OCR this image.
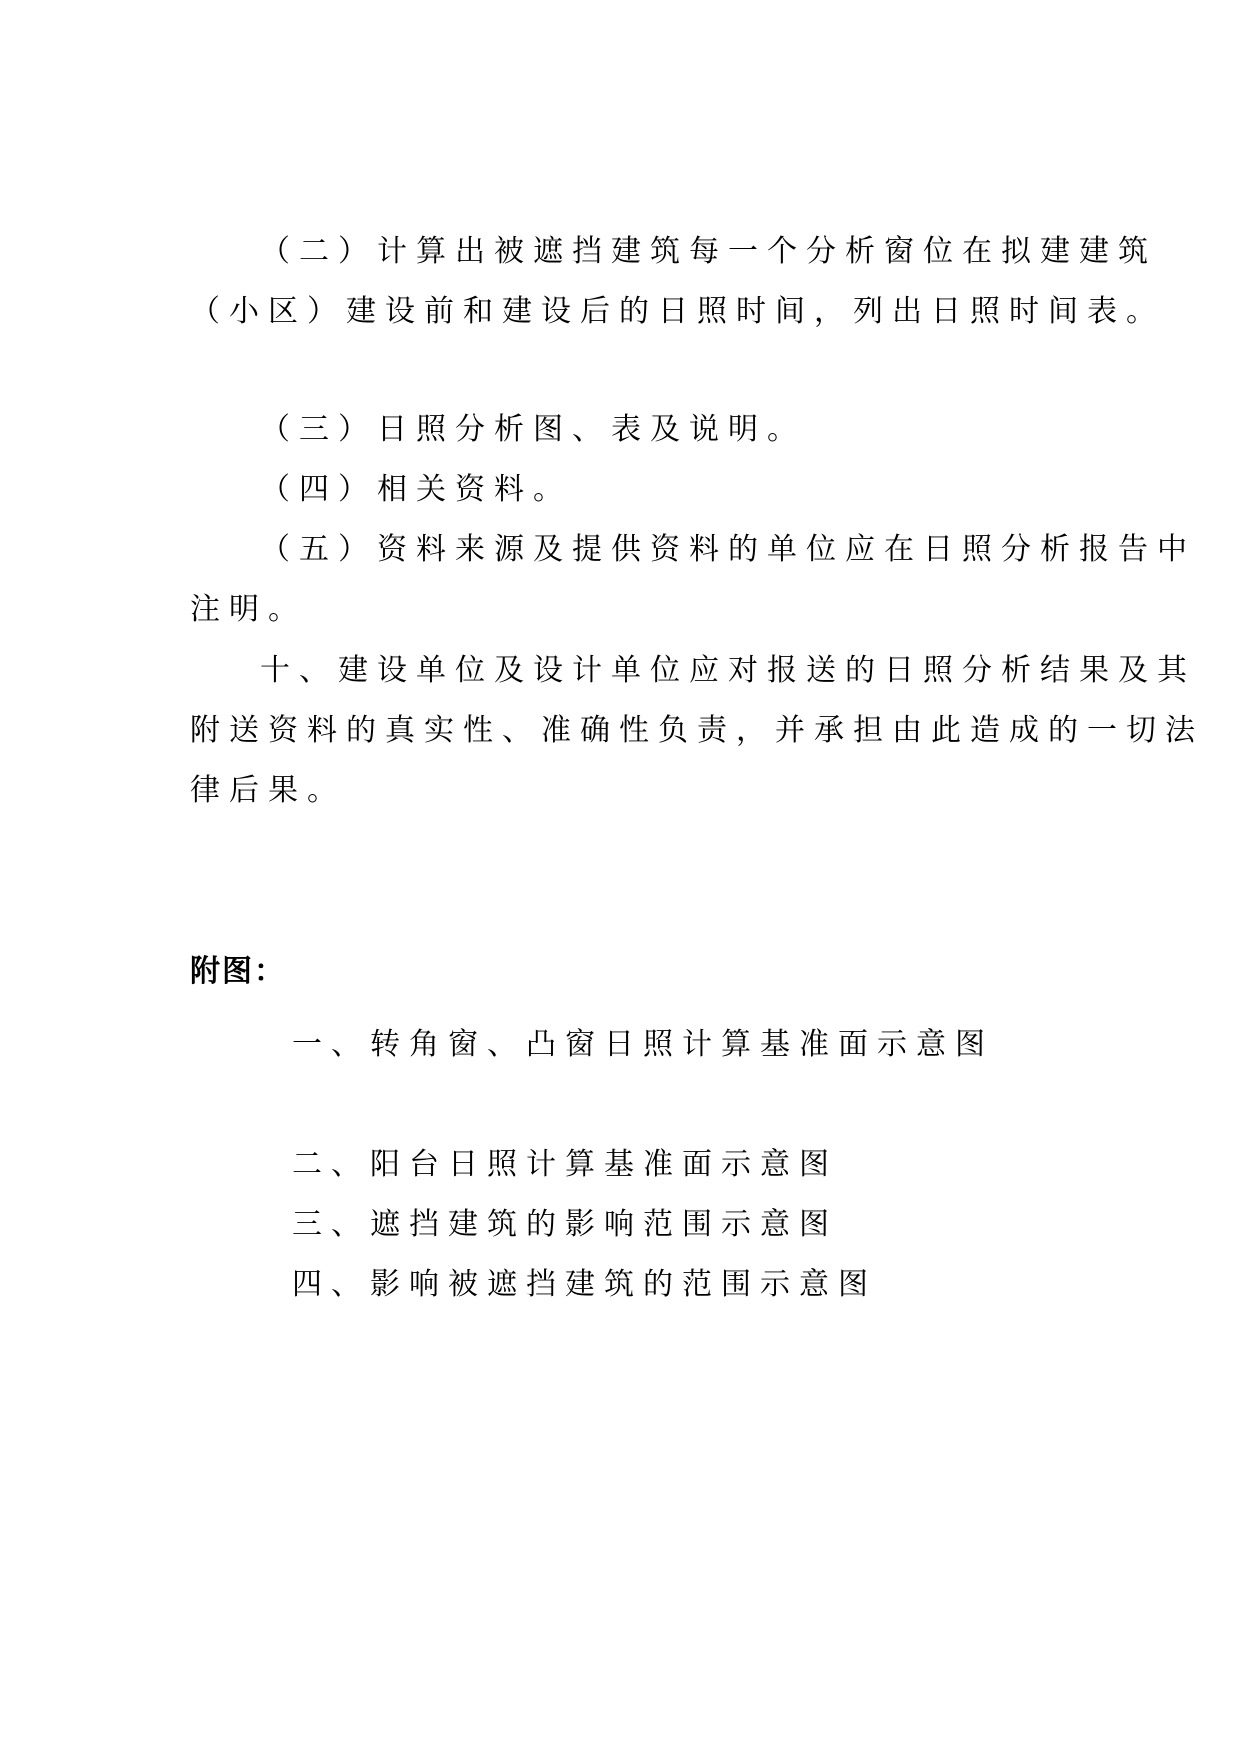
（二）计算出被遮挡建筑每一个分析窗位在拟建建筑
（小区）建设前和建设后的日照时间，列出日照时间表。
（三）日照分析图、表及说明。
（四）相关资料。
（五）资料来源及提供资料的单位应在日照分析报告中
注明。
十、建设单位及设计单位应对报送的日照分析结果及其
附送资料的真实性、准确性负责，并承担由此造成的一切法
律后果。
附图：
一、转角窗、凸窗日照计算基准面示意图
二、阳台日照计算基准面示意图
三、遮挡建筑的影响范围示意图
四、影响被遮挡建筑的范围示意图
